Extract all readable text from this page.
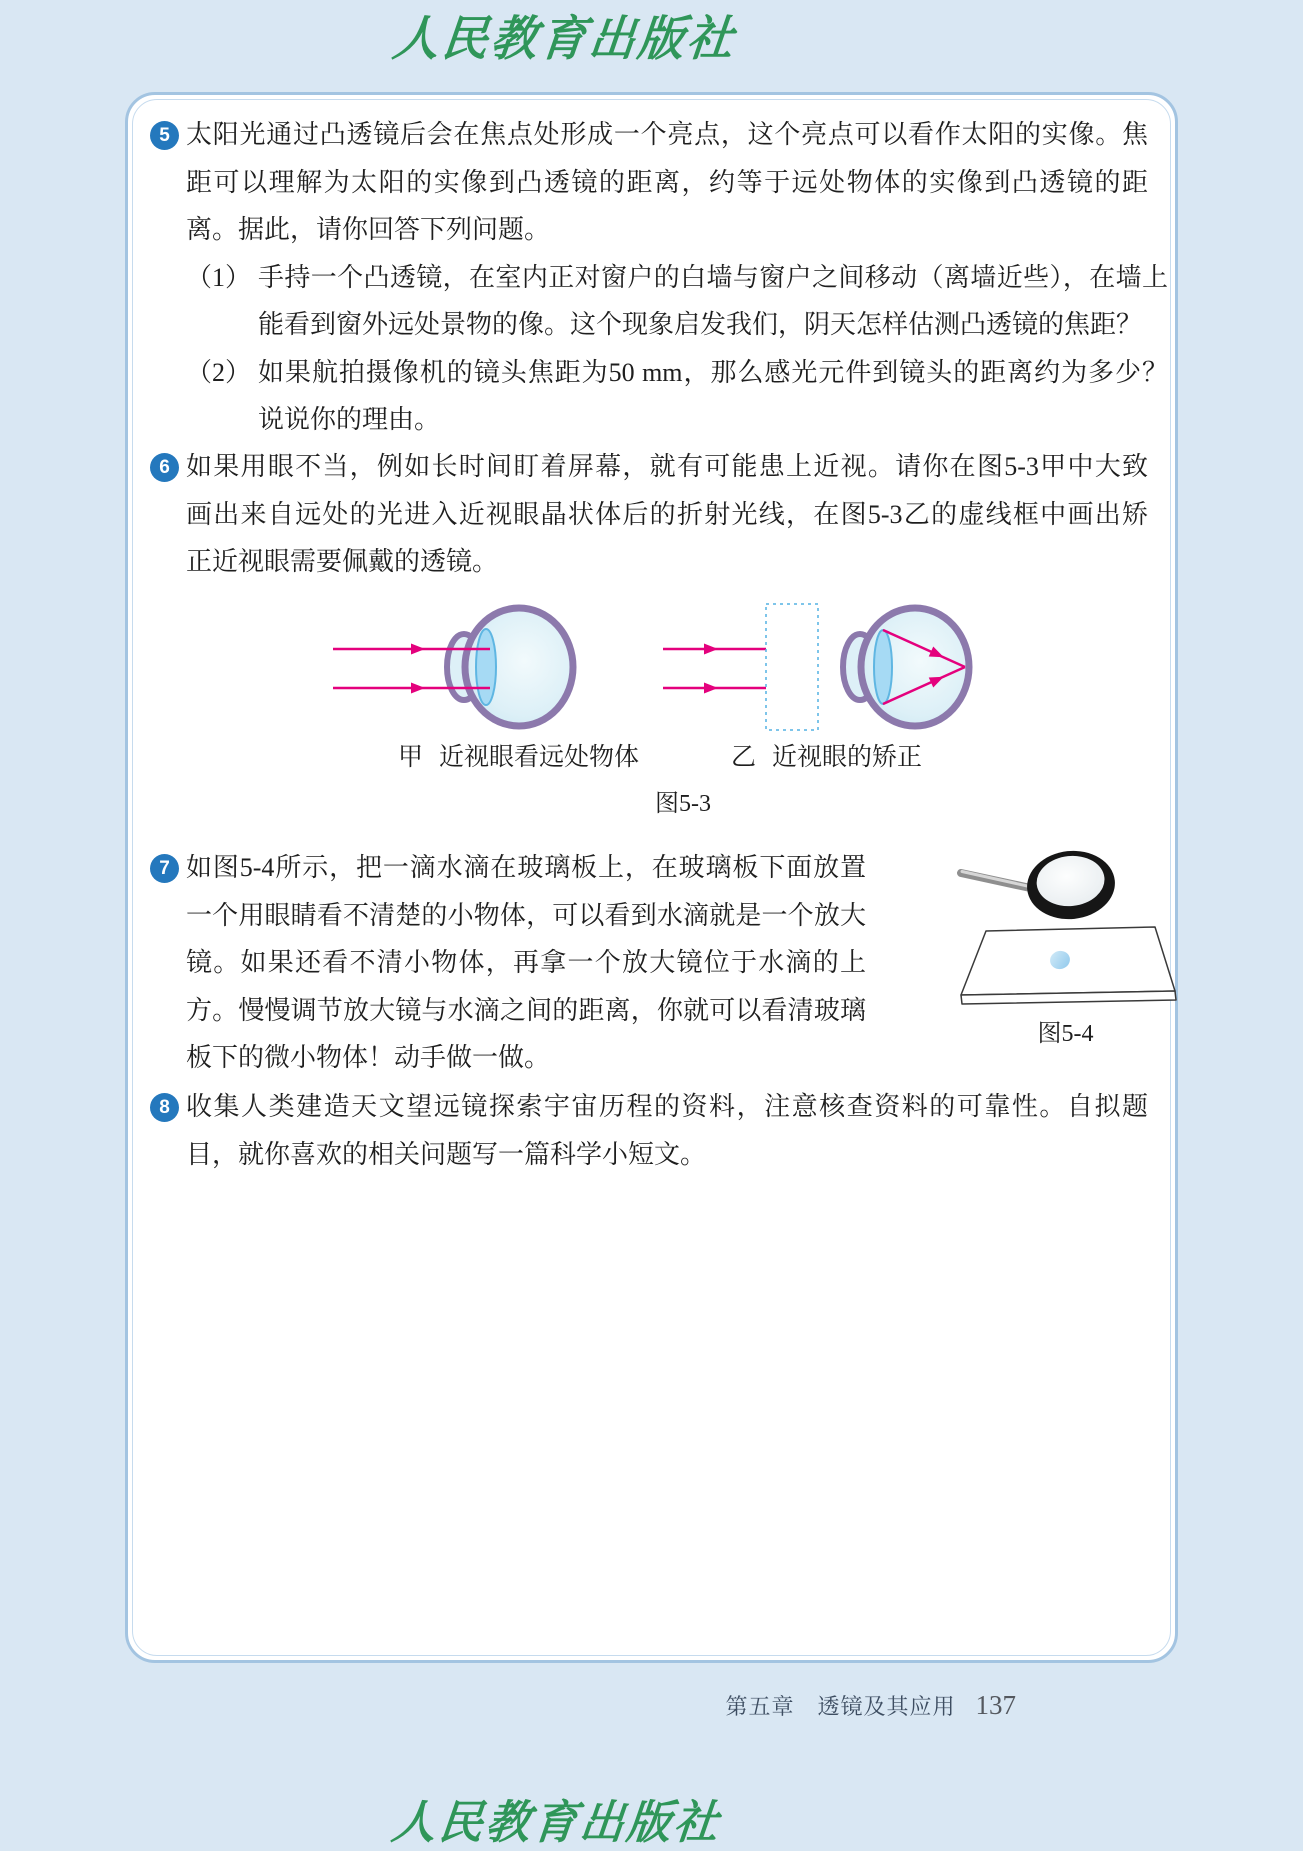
人民教育出版社
5 太阳光通过凸透镜后会在焦点处形成一个亮点，这个亮点可以看作太阳的实像。焦
距可以理解为太阳的实像到凸透镜的距离，约等于远处物体的实像到凸透镜的距
离。据此，请你回答下列问题。
（1） 手持一个凸透镜，在室内正对窗户的白墙与窗户之间移动（离墙近些），在墙上
能看到窗外远处景物的像。这个现象启发我们，阴天怎样估测凸透镜的焦距？
（2） 如果航拍摄像机的镜头焦距为50 mm，那么感光元件到镜头的距离约为多少？
说说你的理由。
6 如果用眼不当，例如长时间盯着屏幕，就有可能患上近视。请你在图5-3甲中大致
画出来自远处的光进入近视眼晶状体后的折射光线，在图5-3乙的虚线框中画出矫
正近视眼需要佩戴的透镜。
甲 近视眼看远处物体	乙 近视眼的矫正
图5-3
7 如图5-4所示，把一滴水滴在玻璃板上，在玻璃板下面放置
一个用眼睛看不清楚的小物体，可以看到水滴就是一个放大
镜。如果还看不清小物体，再拿一个放大镜位于水滴的上
方。慢慢调节放大镜与水滴之间的距离，你就可以看清玻璃
板下的微小物体！动手做一做。
图5-4
8 收集人类建造天文望远镜探索宇宙历程的资料，注意核查资料的可靠性。自拟题
目，就你喜欢的相关问题写一篇科学小短文。
第五章　透镜及其应用 137
人民教育出版社
